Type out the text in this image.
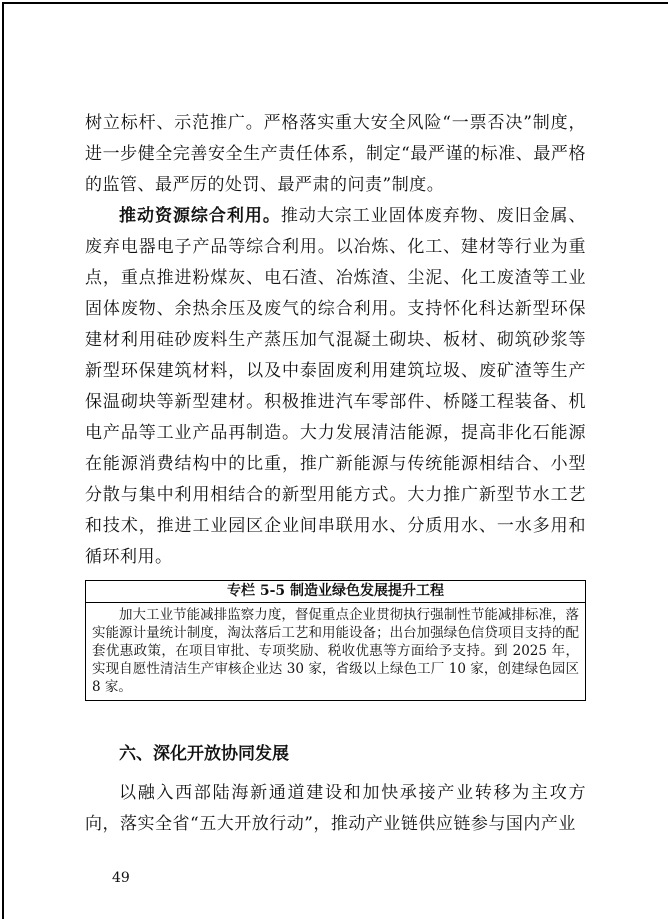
树立标杆、示范推广。严格落实重大安全风险“一票否决”制度，进一步健全完善安全生产责任体系，制定“最严谨的标准、最严格的监管、最严厉的处罚、最严肃的问责”制度。

推动资源综合利用。推动大宗工业固体废弃物、废旧金属、废弃电器电子产品等综合利用。以冶炼、化工、建材等行业为重点，重点推进粉煤灰、电石渣、冶炼渣、尘泥、化工废渣等工业固体废物、余热余压及废气的综合利用。支持怀化科达新型环保建材利用硅砂废料生产蒸压加气混凝土砌块、板材、砌筑砂浆等新型环保建筑材料，以及中泰固废利用建筑垃圾、废矿渣等生产保温砌块等新型建材。积极推进汽车零部件、桥隧工程装备、机电产品等工业产品再制造。大力发展清洁能源，提高非化石能源在能源消费结构中的比重，推广新能源与传统能源相结合、小型分散与集中利用相结合的新型用能方式。大力推广新型节水工艺和技术，推进工业园区企业间串联用水、分质用水、一水多用和循环利用。

专栏 5-5 制造业绿色发展提升工程

加大工业节能减排监察力度，督促重点企业贯彻执行强制性节能减排标准，落实能源计量统计制度，淘汰落后工艺和用能设备；出台加强绿色信贷项目支持的配套优惠政策，在项目审批、专项奖励、税收优惠等方面给予支持。到 2025 年，实现自愿性清洁生产审核企业达 30 家，省级以上绿色工厂 10 家，创建绿色园区 8 家。

六、深化开放协同发展

以融入西部陆海新通道建设和加快承接产业转移为主攻方向，落实全省“五大开放行动”，推动产业链供应链参与国内产业

49
